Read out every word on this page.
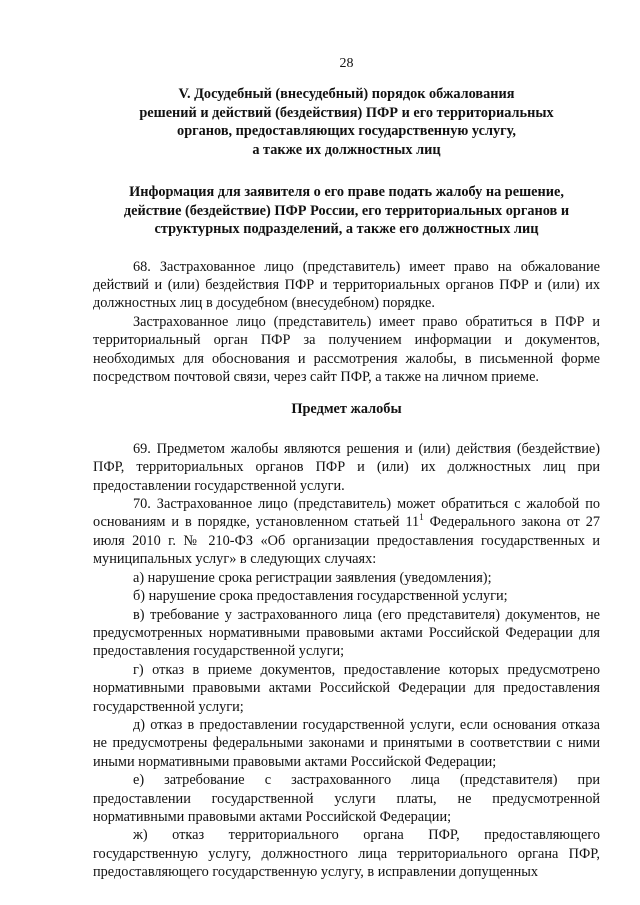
28
V. Досудебный (внесудебный) порядок обжалования
решений и действий (бездействия) ПФР и его территориальных
органов, предоставляющих государственную услугу,
а также их должностных лиц
Информация для заявителя о его праве подать жалобу на решение,
действие (бездействие) ПФР России, его территориальных органов и
структурных подразделений, а также его должностных лиц

68. Застрахованное лицо (представитель) имеет право на обжалование действий и (или) бездействия ПФР и территориальных органов ПФР и (или) их должностных лиц в досудебном (внесудебном) порядке.

Застрахованное лицо (представитель) имеет право обратиться в ПФР и территориальный орган ПФР за получением информации и документов, необходимых для обоснования и рассмотрения жалобы, в письменной форме посредством почтовой связи, через сайт ПФР, а также на личном приеме.

Предмет жалобы

69. Предметом жалобы являются решения и (или) действия (бездействие) ПФР, территориальных органов ПФР и (или) их должностных лиц при предоставлении государственной услуги.

70. Застрахованное лицо (представитель) может обратиться с жалобой по основаниям и в порядке, установленном статьей $11^1$ Федерального закона от 27 июля 2010 г. № 210-ФЗ «Об организации предоставления государственных и муниципальных услуг» в следующих случаях:

а) нарушение срока регистрации заявления (уведомления);

б) нарушение срока предоставления государственной услуги;

в) требование у застрахованного лица (его представителя) документов, не предусмотренных нормативными правовыми актами Российской Федерации для предоставления государственной услуги;

г) отказ в приеме документов, предоставление которых предусмотрено нормативными правовыми актами Российской Федерации для предоставления государственной услуги;

д) отказ в предоставлении государственной услуги, если основания отказа не предусмотрены федеральными законами и принятыми в соответствии с ними иными нормативными правовыми актами Российской Федерации;

е) затребование с застрахованного лица (представителя) при предоставлении государственной услуги платы, не предусмотренной нормативными правовыми актами Российской Федерации;

ж) отказ территориального органа ПФР, предоставляющего государственную услугу, должностного лица территориального органа ПФР, предоставляющего государственную услугу, в исправлении допущенных
